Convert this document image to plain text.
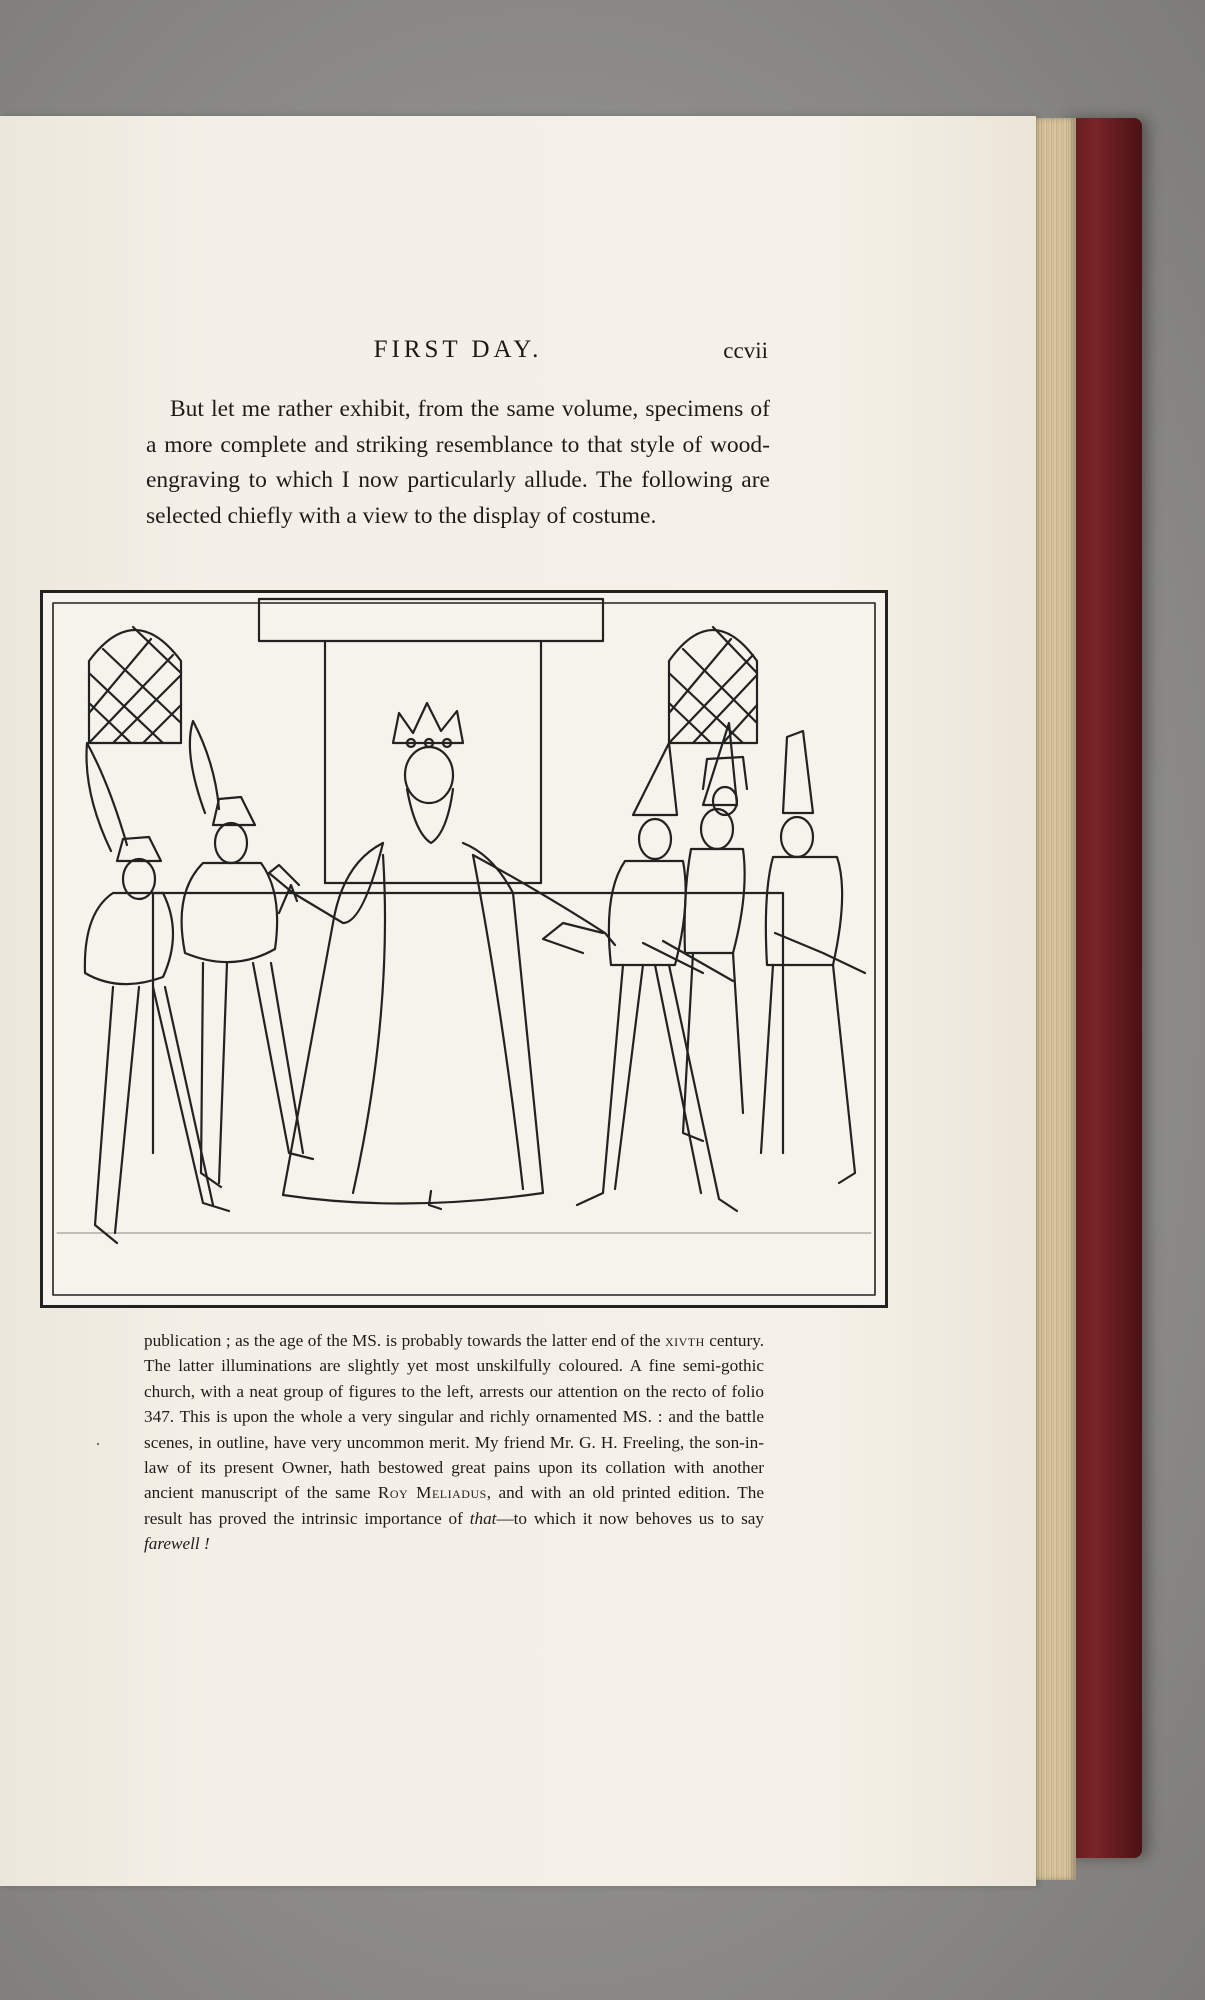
FIRST DAY.	ccvii

But let me rather exhibit, from the same volume, specimens of a more complete and striking resemblance to that style of wood-engraving to which I now particularly allude. The following are selected chiefly with a view to the display of costume.

.

publication ; as the age of the MS. is probably towards the latter end of the xivth century. The latter illuminations are slightly yet most unskilfully coloured. A fine semi-gothic church, with a neat group of figures to the left, arrests our attention on the recto of folio 347. This is upon the whole a very singular and richly ornamented MS. : and the battle scenes, in outline, have very uncommon merit. My friend Mr. G. H. Freeling, the son-in-law of its present Owner, hath bestowed great pains upon its collation with another ancient manuscript of the same Roy Meliadus, and with an old printed edition. The result has proved the intrinsic importance of that—to which it now behoves us to say farewell !
